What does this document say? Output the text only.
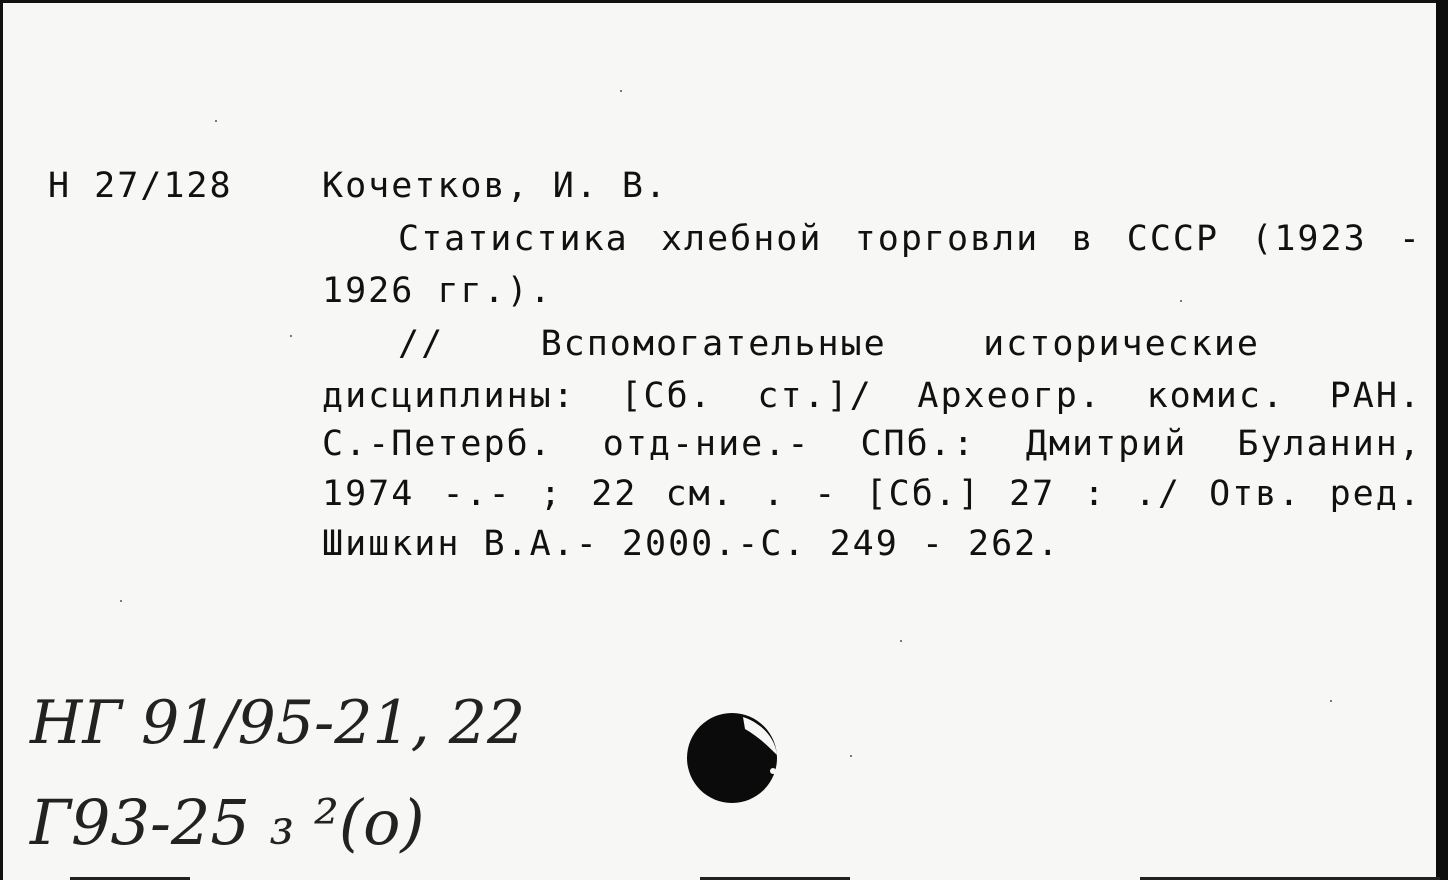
Н 27/128	Кочетков, И. В.
Статистика хлебной торговли в СССР (1923 -
1926 гг.).
//	Вспомогательные	исторические
дисциплины: [Сб. ст.]/ Археогр. комис. РАН.
С.-Петерб. отд-ние.- СПб.: Дмитрий Буланин,
1974 -.- ; 22 см. . - [Сб.] 27 : ./ Отв. ред.
Шишкин В.А.- 2000.-С. 249 - 262.
НГ 91/95-21, 22
Г93-25 ₃ ²(о)
